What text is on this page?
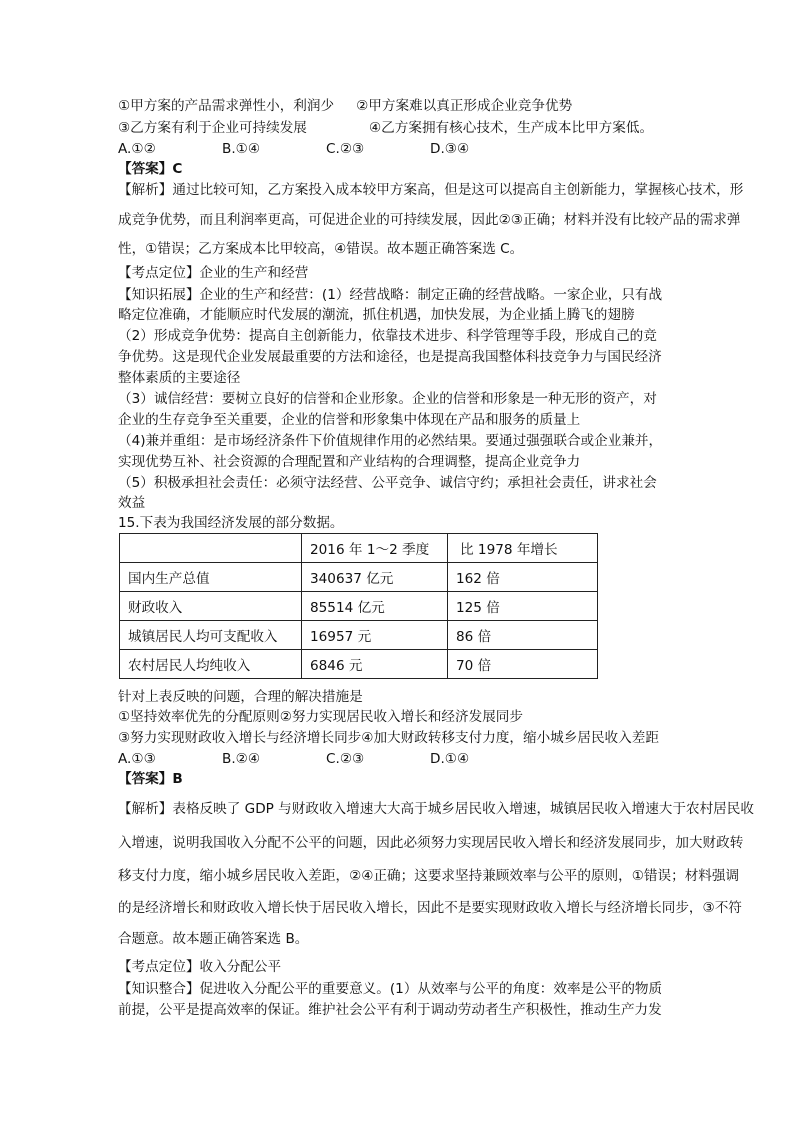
①甲方案的产品需求弹性小，利润少 ②甲方案难以真正形成企业竞争优势
③乙方案有利于企业可持续发展	④乙方案拥有核心技术，生产成本比甲方案低。
A.①②	B.①④	C.②③	D.③④
【答案】C
【解析】通过比较可知，乙方案投入成本较甲方案高，但是这可以提高自主创新能力，掌握核心技术，形
成竞争优势，而且利润率更高，可促进企业的可持续发展，因此②③正确；材料并没有比较产品的需求弹
性，①错误；乙方案成本比甲较高，④错误。故本题正确答案选 C。
【考点定位】企业的生产和经营
【知识拓展】企业的生产和经营：(1）经营战略：制定正确的经营战略。一家企业，只有战
略定位准确，才能顺应时代发展的潮流，抓住机遇，加快发展，为企业插上腾飞的翅膀
（2）形成竞争优势：提高自主创新能力，依靠技术进步、科学管理等手段，形成自己的竞
争优势。这是现代企业发展最重要的方法和途径，也是提高我国整体科技竞争力与国民经济
整体素质的主要途径
（3）诚信经营：要树立良好的信誉和企业形象。企业的信誉和形象是一种无形的资产，对
企业的生存竞争至关重要，企业的信誉和形象集中体现在产品和服务的质量上
（4)兼并重组：是市场经济条件下价值规律作用的必然结果。要通过强强联合或企业兼并，
实现优势互补、社会资源的合理配置和产业结构的合理调整，提高企业竞争力
（5）积极承担社会责任：必须守法经营、公平竞争、诚信守约；承担社会责任，讲求社会
效益
15.下表为我国经济发展的部分数据。
	2016 年 1～2 季度	比 1978 年增长
国内生产总值	340637 亿元	162 倍
财政收入	85514 亿元	125 倍
城镇居民人均可支配收入	16957 元	86 倍
农村居民人均纯收入	6846 元	70 倍
针对上表反映的问题，合理的解决措施是
①坚持效率优先的分配原则②努力实现居民收入增长和经济发展同步
③努力实现财政收入增长与经济增长同步④加大财政转移支付力度，缩小城乡居民收入差距
A.①③	B.②④	C.②③	D.①④
【答案】B
【解析】表格反映了 GDP 与财政收入增速大大高于城乡居民收入增速，城镇居民收入增速大于农村居民收
入增速，说明我国收入分配不公平的问题，因此必须努力实现居民收入增长和经济发展同步，加大财政转
移支付力度，缩小城乡居民收入差距，②④正确；这要求坚持兼顾效率与公平的原则，①错误；材料强调
的是经济增长和财政收入增长快于居民收入增长，因此不是要实现财政收入增长与经济增长同步，③不符
合题意。故本题正确答案选 B。
【考点定位】收入分配公平
【知识整合】促进收入分配公平的重要意义。(1）从效率与公平的角度：效率是公平的物质
前提，公平是提高效率的保证。维护社会公平有利于调动劳动者生产积极性，推动生产力发
